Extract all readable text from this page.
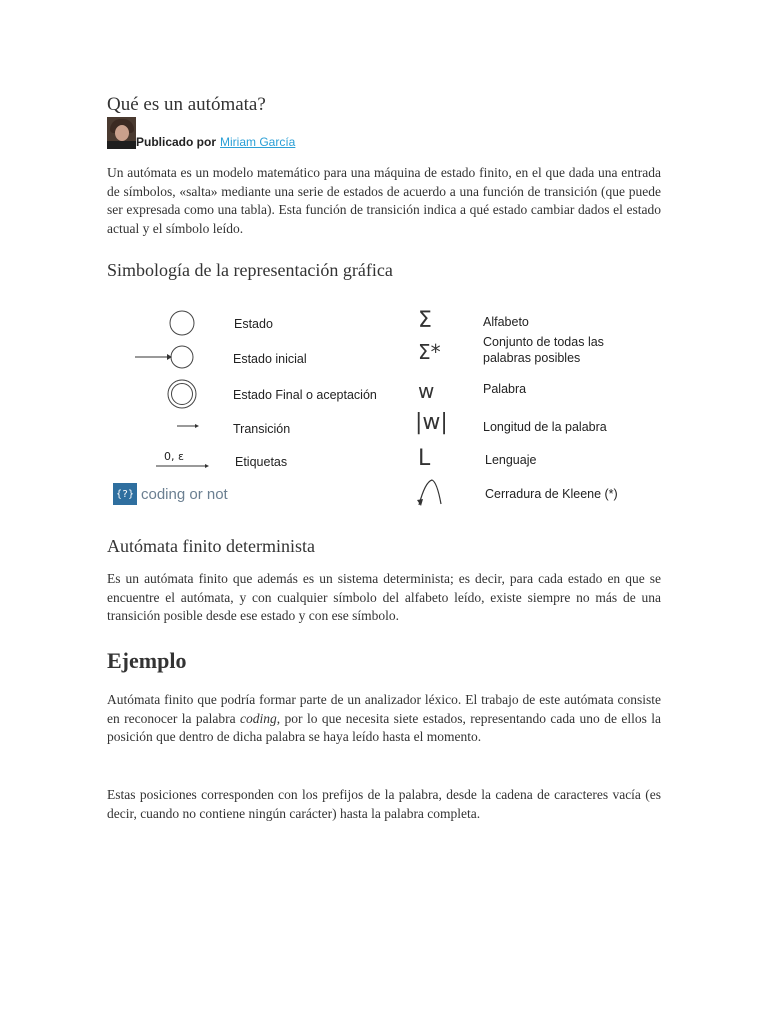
Qué es un autómata?
Publicado por Miriam García

Un autómata es un modelo matemático para una máquina de estado finito, en el que dada una entrada de símbolos, «salta» mediante una serie de estados de acuerdo a una función de transición (que puede ser expresada como una tabla). Esta función de transición indica a qué estado cambiar dados el estado actual y el símbolo leído.

Simbología de la representación gráfica
Estado
Estado inicial
Estado Final o aceptación
Transición
Etiquetas
0, ε
{?} coding or not
Σ
Σ*
w
|w|
L
Alfabeto
Conjunto de todas las palabras posibles
Palabra
Longitud de la palabra
Lenguaje
Cerradura de Kleene (*)
Autómata finito determinista

Es un autómata finito que además es un sistema determinista; es decir, para cada estado en que se encuentre el autómata, y con cualquier símbolo del alfabeto leído, existe siempre no más de una transición posible desde ese estado y con ese símbolo.

Ejemplo

Autómata finito que podría formar parte de un analizador léxico. El trabajo de este autómata consiste en reconocer la palabra coding, por lo que necesita siete estados, representando cada uno de ellos la posición que dentro de dicha palabra se haya leído hasta el momento.

Estas posiciones corresponden con los prefijos de la palabra, desde la cadena de caracteres vacía (es decir, cuando no contiene ningún carácter) hasta la palabra completa.
